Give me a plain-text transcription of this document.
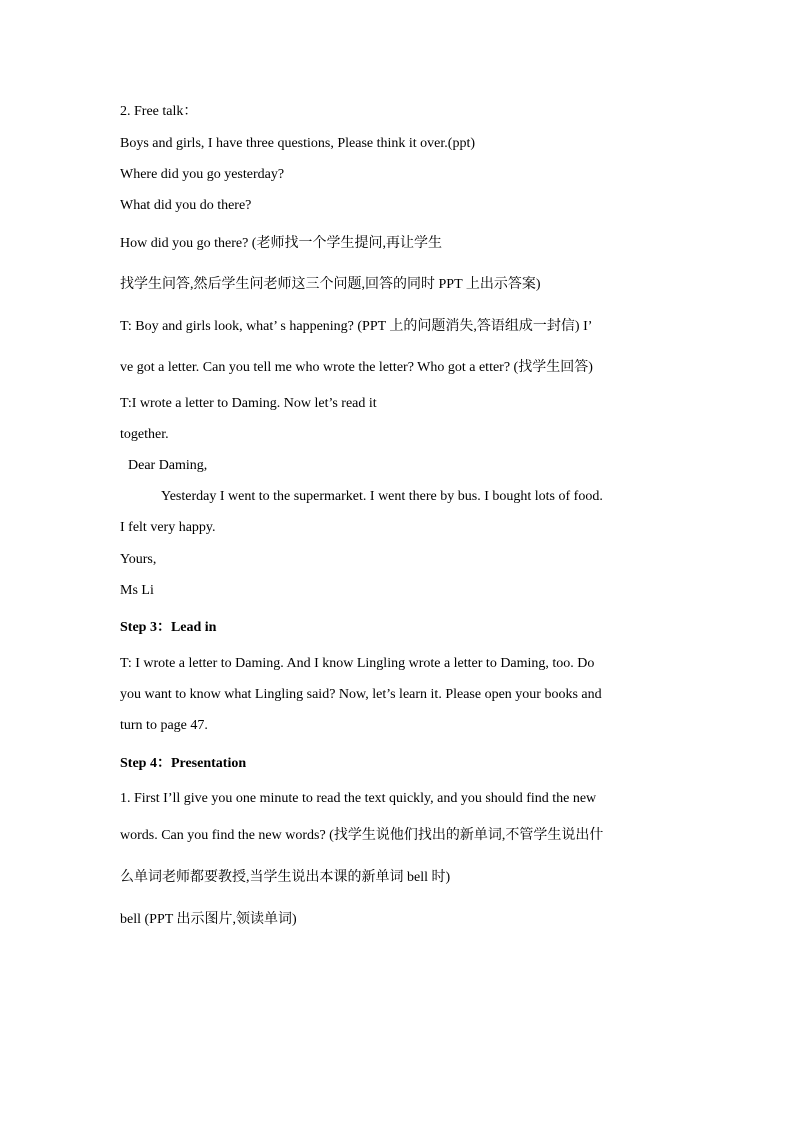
2. Free talk：
Boys and girls, I have three questions, Please think it over.(ppt)
Where did you go yesterday?
What did you do there?
How did you go there? (老师找一个学生提问,再让学生
找学生问答,然后学生问老师这三个问题,回答的同时 PPT 上出示答案)
T: Boy and girls look, what’ s happening? (PPT 上的问题消失,答语组成一封信) I’
ve got a letter. Can you tell me who wrote the letter? Who got a etter? (找学生回答)
T:I wrote a letter to Daming. Now let’s read it
together.
Dear Daming,
Yesterday I went to the supermarket. I went there by bus. I bought lots of food.
I felt very happy.
Yours,
Ms Li
Step 3：Lead in
T: I wrote a letter to Daming. And I know Lingling wrote a letter to Daming, too. Do
you want to know what Lingling said? Now, let’s learn it. Please open your books and
turn to page 47.
Step 4：Presentation
1. First I’ll give you one minute to read the text quickly, and you should find the new
words. Can you find the new words? (找学生说他们找出的新单词,不管学生说出什
么单词老师都要教授,当学生说出本课的新单词 bell 时)
bell (PPT 出示图片,领读单词)
